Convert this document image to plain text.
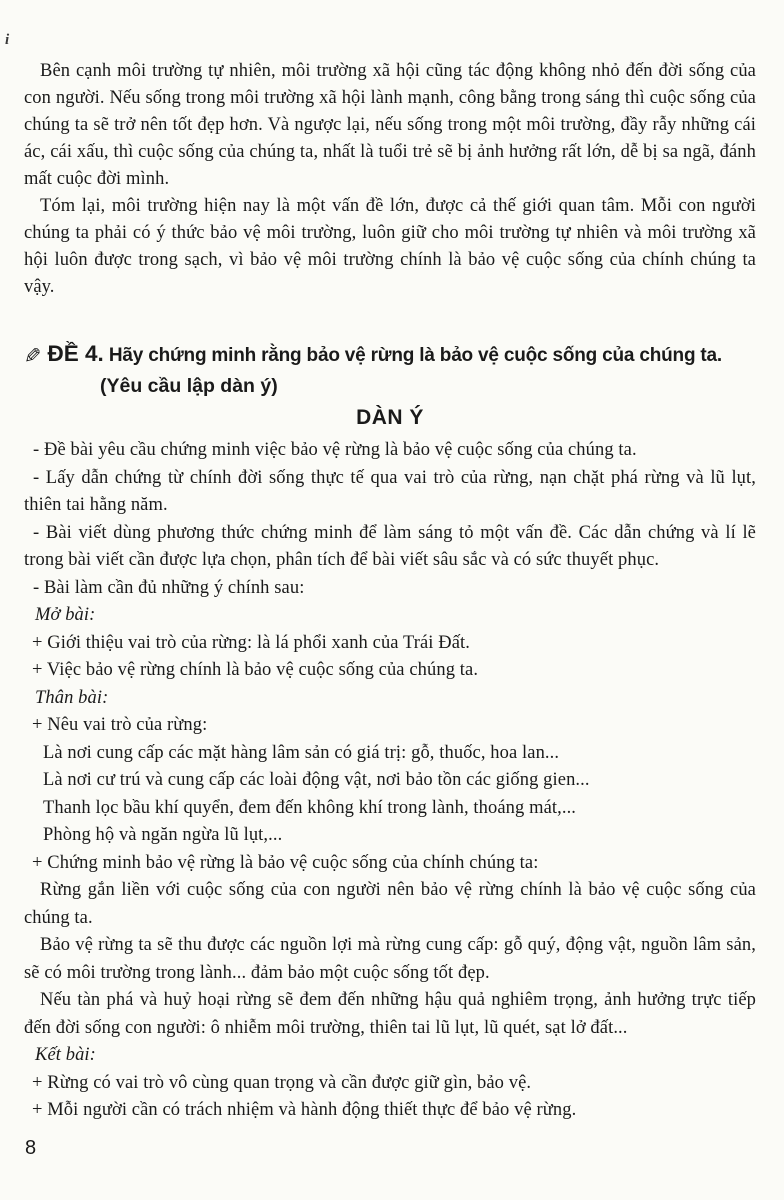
i

Bên cạnh môi trường tự nhiên, môi trường xã hội cũng tác động không nhỏ đến đời sống của con người. Nếu sống trong môi trường xã hội lành mạnh, công bằng trong sáng thì cuộc sống của chúng ta sẽ trở nên tốt đẹp hơn. Và ngược lại, nếu sống trong một môi trường, đầy rẫy những cái ác, cái xấu, thì cuộc sống của chúng ta, nhất là tuổi trẻ sẽ bị ảnh hưởng rất lớn, dễ bị sa ngã, đánh mất cuộc đời mình.

Tóm lại, môi trường hiện nay là một vấn đề lớn, được cả thế giới quan tâm. Mỗi con người chúng ta phải có ý thức bảo vệ môi trường, luôn giữ cho môi trường tự nhiên và môi trường xã hội luôn được trong sạch, vì bảo vệ môi trường chính là bảo vệ cuộc sống của chính chúng ta vậy.

✎ ĐỀ 4. Hãy chứng minh rằng bảo vệ rừng là bảo vệ cuộc sống của chúng ta.
(Yêu cầu lập dàn ý)
DÀN Ý

- Đề bài yêu cầu chứng minh việc bảo vệ rừng là bảo vệ cuộc sống của chúng ta.

- Lấy dẫn chứng từ chính đời sống thực tế qua vai trò của rừng, nạn chặt phá rừng và lũ lụt, thiên tai hằng năm.

- Bài viết dùng phương thức chứng minh để làm sáng tỏ một vấn đề. Các dẫn chứng và lí lẽ trong bài viết cần được lựa chọn, phân tích để bài viết sâu sắc và có sức thuyết phục.

- Bài làm cần đủ những ý chính sau:

Mở bài:

+ Giới thiệu vai trò của rừng: là lá phổi xanh của Trái Đất.

+ Việc bảo vệ rừng chính là bảo vệ cuộc sống của chúng ta.

Thân bài:

+ Nêu vai trò của rừng:

Là nơi cung cấp các mặt hàng lâm sản có giá trị: gỗ, thuốc, hoa lan...

Là nơi cư trú và cung cấp các loài động vật, nơi bảo tồn các giống gien...

Thanh lọc bầu khí quyển, đem đến không khí trong lành, thoáng mát,...

Phòng hộ và ngăn ngừa lũ lụt,...

+ Chứng minh bảo vệ rừng là bảo vệ cuộc sống của chính chúng ta:

Rừng gắn liền với cuộc sống của con người nên bảo vệ rừng chính là bảo vệ cuộc sống của chúng ta.

Bảo vệ rừng ta sẽ thu được các nguồn lợi mà rừng cung cấp: gỗ quý, động vật, nguồn lâm sản, sẽ có môi trường trong lành... đảm bảo một cuộc sống tốt đẹp.

Nếu tàn phá và huỷ hoại rừng sẽ đem đến những hậu quả nghiêm trọng, ảnh hưởng trực tiếp đến đời sống con người: ô nhiễm môi trường, thiên tai lũ lụt, lũ quét, sạt lở đất...

Kết bài:

+ Rừng có vai trò vô cùng quan trọng và cần được giữ gìn, bảo vệ.

+ Mỗi người cần có trách nhiệm và hành động thiết thực để bảo vệ rừng.

8
